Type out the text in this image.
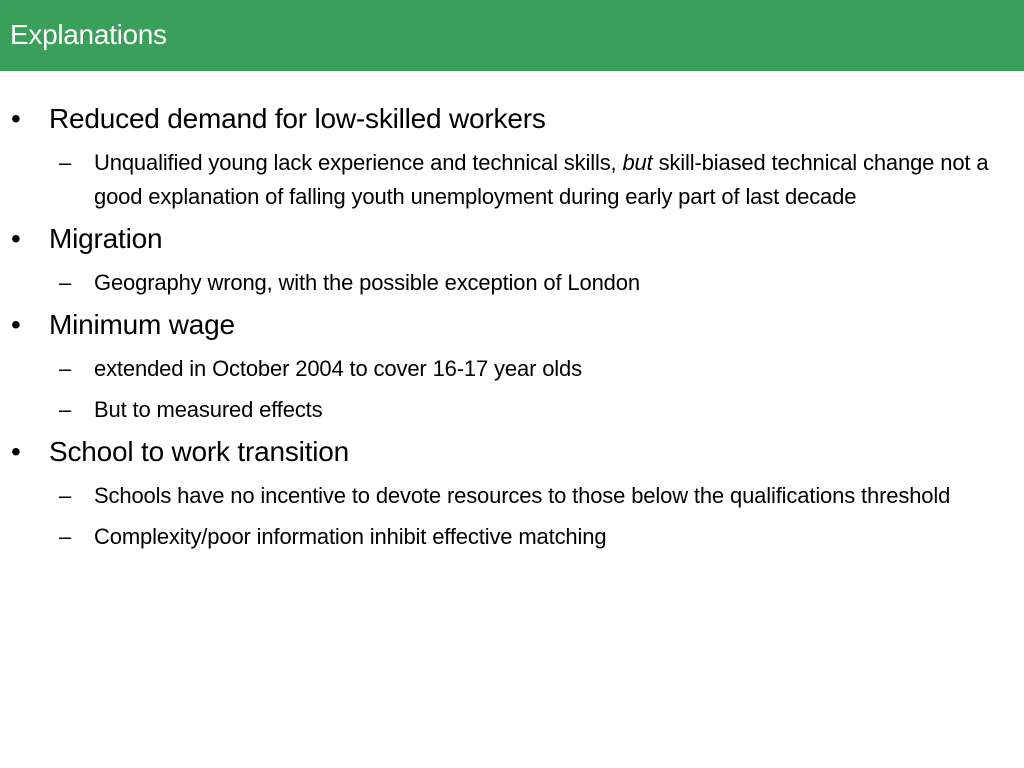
Explanations
•	Reduced demand for low-skilled workers
–	Unqualified young lack experience and technical skills, but skill-biased technical change not a good explanation of falling youth unemployment during early part of last decade
•	Migration
–	Geography wrong, with the possible exception of London
•	Minimum wage
–	extended in October 2004 to cover 16-17 year olds
–	But to measured effects
•	School to work transition
–	Schools have no incentive to devote resources to those below the qualifications threshold
–	Complexity/poor information inhibit effective matching
